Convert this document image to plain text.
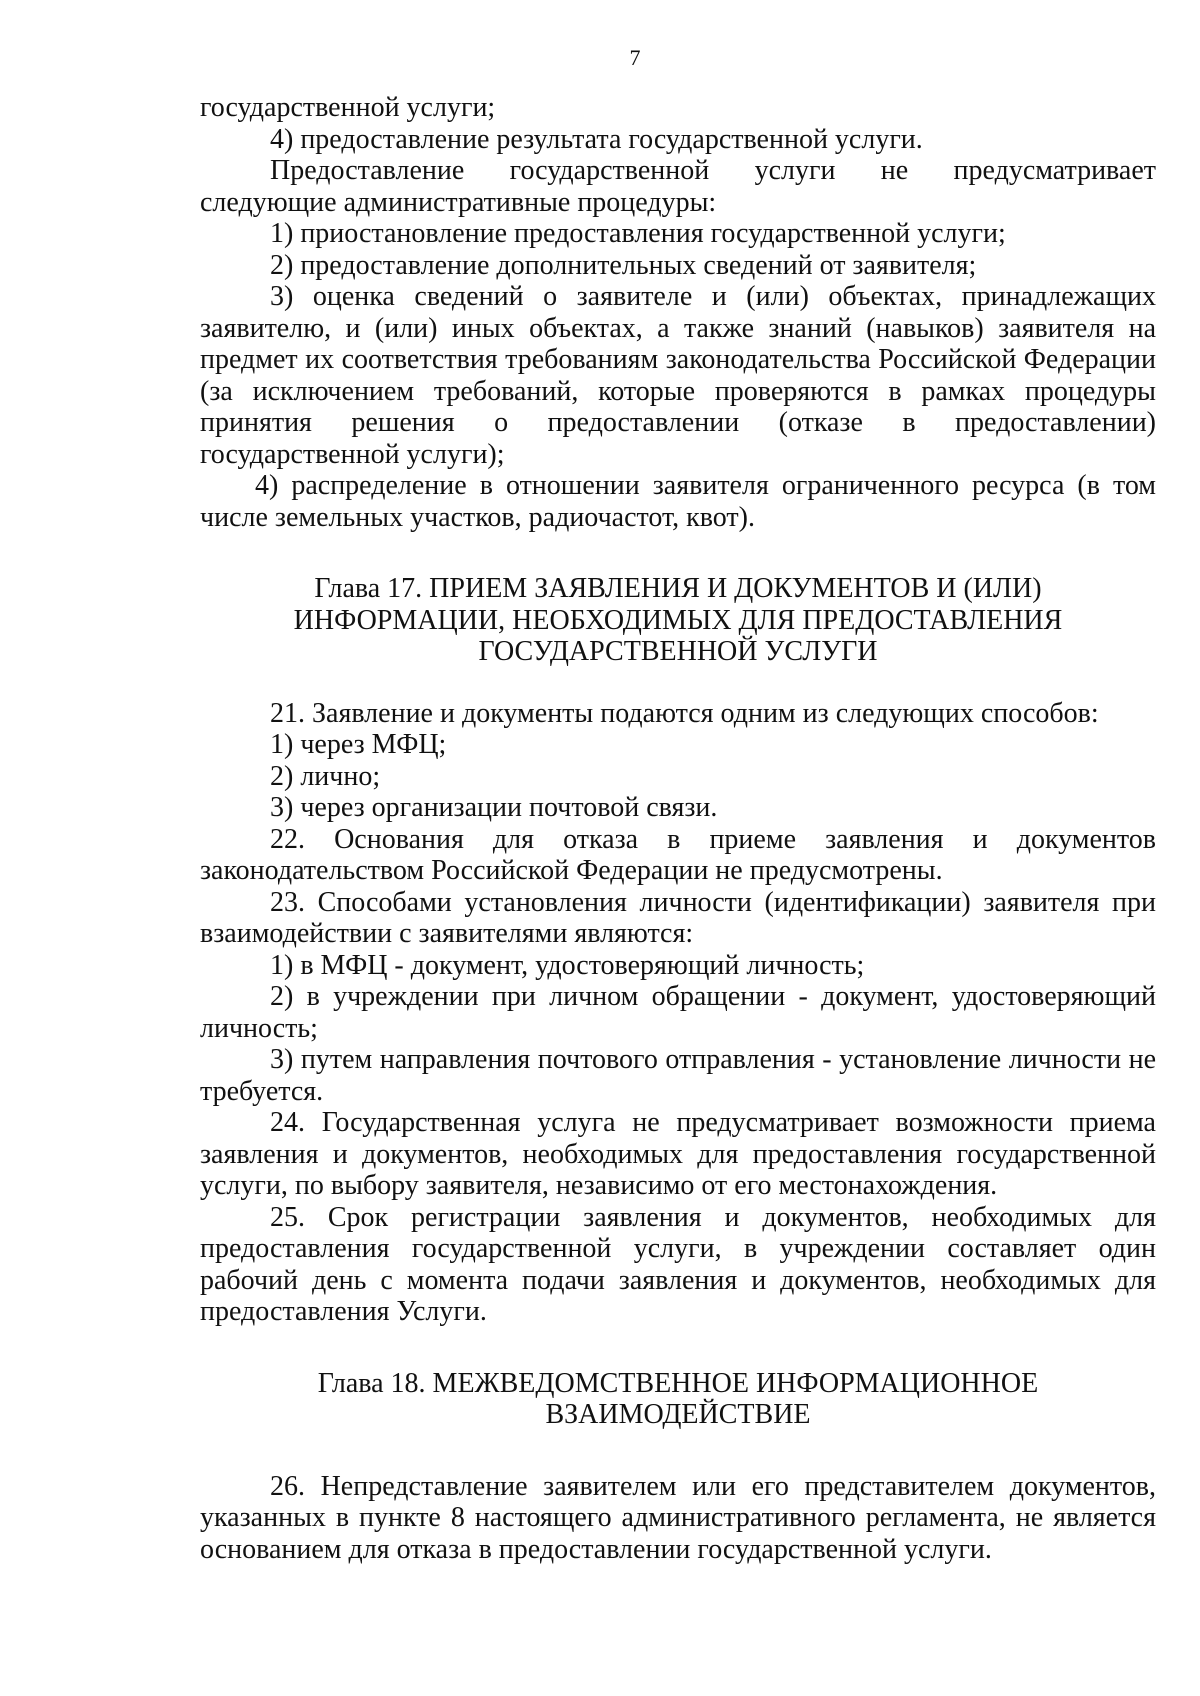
7

государственной услуги;

4) предоставление результата государственной услуги.

Предоставление государственной услуги не предусматривает

следующие административные процедуры:

1) приостановление предоставления государственной услуги;

2) предоставление дополнительных сведений от заявителя;

3) оценка сведений о заявителе и (или) объектах, принадлежащих заявителю, и (или) иных объектах, а также знаний (навыков) заявителя на предмет их соответствия требованиям законодательства Российской Федерации (за исключением требований, которые проверяются в рамках процедуры принятия решения о предоставлении (отказе в предоставлении) государственной услуги);

4) распределение в отношении заявителя ограниченного ресурса (в том числе земельных участков, радиочастот, квот).

Глава 17. ПРИЕМ ЗАЯВЛЕНИЯ И ДОКУМЕНТОВ И (ИЛИ)
ИНФОРМАЦИИ, НЕОБХОДИМЫХ ДЛЯ ПРЕДОСТАВЛЕНИЯ
ГОСУДАРСТВЕННОЙ УСЛУГИ

21. Заявление и документы подаются одним из следующих способов:

1) через МФЦ;

2) лично;

3) через организации почтовой связи.

22. Основания для отказа в приеме заявления и документов законодательством Российской Федерации не предусмотрены.

23. Способами установления личности (идентификации) заявителя при взаимодействии с заявителями являются:

1) в МФЦ - документ, удостоверяющий личность;

2) в учреждении при личном обращении - документ, удостоверяющий личность;

3) путем направления почтового отправления - установление личности не требуется.

24. Государственная услуга не предусматривает возможности приема заявления и документов, необходимых для предоставления государственной услуги, по выбору заявителя, независимо от его местонахождения.

25. Срок регистрации заявления и документов, необходимых для предоставления государственной услуги, в учреждении составляет один рабочий день с момента подачи заявления и документов, необходимых для предоставления Услуги.

Глава 18. МЕЖВЕДОМСТВЕННОЕ ИНФОРМАЦИОННОЕ
ВЗАИМОДЕЙСТВИЕ

26. Непредставление заявителем или его представителем документов, указанных в пункте 8 настоящего административного регламента, не является основанием для отказа в предоставлении государственной услуги.
